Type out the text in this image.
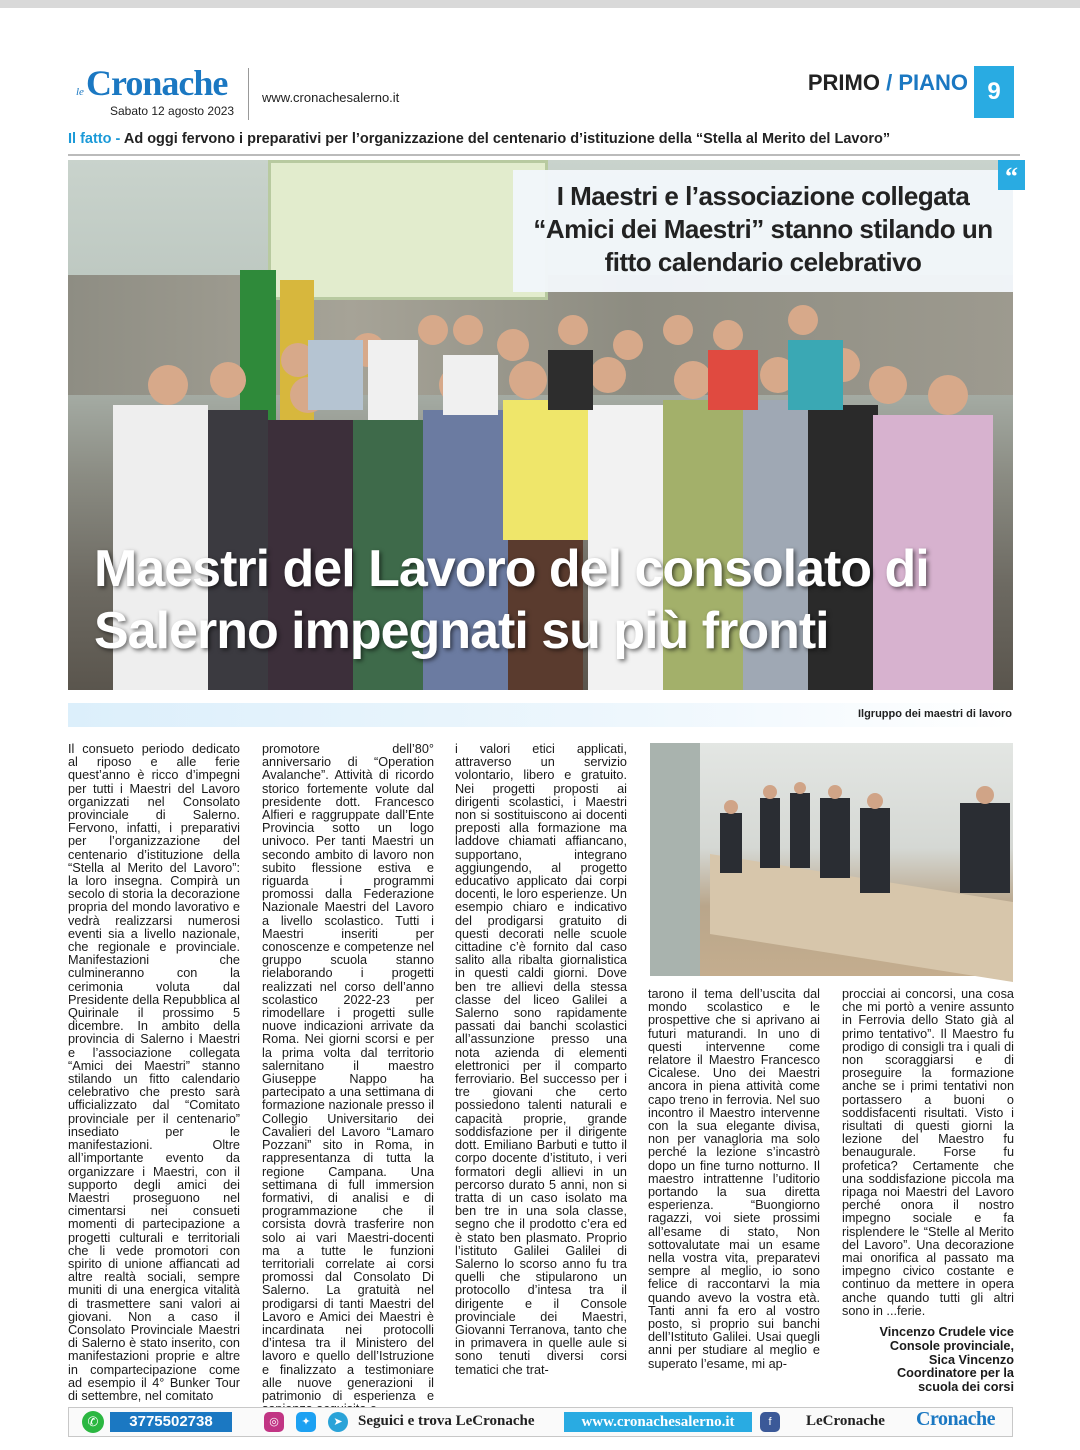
le Cronache
Sabato 12 agosto 2023
www.cronachesalerno.it
PRIMO / PIANO 9
Il fatto - Ad oggi fervono i preparativi per l’organizzazione del centenario d’istituzione della “Stella al Merito del Lavoro”
“
I Maestri e l’associazione collegata “Amici dei Maestri” stanno stilando un fitto calendario celebrativo
Maestri del Lavoro del consolato di Salerno impegnati su più fronti
Ilgruppo dei maestri di lavoro
Il consueto periodo dedicato al riposo e alle ferie quest’anno è ricco d’impegni per tutti i Maestri del Lavoro organizzati nel Consolato provinciale di Salerno. Fervono, infatti, i preparativi per l’organizzazione del centenario d’istituzione della “Stella al Merito del Lavoro”: la loro insegna. Compirà un secolo di storia la decorazione propria del mondo lavorativo e vedrà realizzarsi numerosi eventi sia a livello nazionale, che regionale e provinciale. Manifestazioni che culmineranno con la cerimonia voluta dal Presidente della Repubblica al Quirinale il prossimo 5 dicembre. In ambito della provincia di Salerno i Maestri e l’associazione collegata “Amici dei Maestri” stanno stilando un fitto calendario celebrativo che presto sarà ufficializzato dal “Comitato provinciale per il centenario” insediato per le manifestazioni. Oltre all’importante evento da organizzare i Maestri, con il supporto degli amici dei Maestri proseguono nel cimentarsi nei consueti momenti di partecipazione a progetti culturali e territoriali che li vede promotori con spirito di unione affiancati ad altre realtà sociali, sempre muniti di una energica vitalità di trasmettere sani valori ai giovani. Non a caso il Consolato Provinciale Maestri di Salerno è stato inserito, con manifestazioni proprie e altre in compartecipazione come ad esempio il 4° Bunker Tour di settembre, nel comitato
promotore dell’80° anniversario di “Operation Avalanche”. Attività di ricordo storico fortemente volute dal presidente dott. Francesco Alfieri e raggruppate dall’Ente Provincia sotto un logo univoco. Per tanti Maestri un secondo ambito di lavoro non subito flessione estiva e riguarda i programmi promossi dalla Federazione Nazionale Maestri del Lavoro a livello scolastico. Tutti i Maestri inseriti per conoscenze e competenze nel gruppo scuola stanno rielaborando i progetti realizzati nel corso dell’anno scolastico 2022-23 per rimodellare i progetti sulle nuove indicazioni arrivate da Roma. Nei giorni scorsi e per la prima volta dal territorio salernitano il maestro Giuseppe Nappo ha partecipato a una settimana di formazione nazionale presso il Collegio Universitario dei Cavalieri del Lavoro “Lamaro Pozzani” sito in Roma, in rappresentanza di tutta la regione Campana. Una settimana di full immersion formativi, di analisi e di programmazione che il corsista dovrà trasferire non solo ai vari Maestri-docenti ma a tutte le funzioni territoriali correlate ai corsi promossi dal Consolato Di Salerno. La gratuità nel prodigarsi di tanti Maestri del Lavoro e Amici dei Maestri è incardinata nei protocolli d’intesa tra il Ministero del lavoro e quello dell’Istruzione e finalizzato a testimoniare alle nuove generazioni il patrimonio di esperienza e
i valori etici applicati, attraverso un servizio volontario, libero e gratuito. Nei progetti proposti ai dirigenti scolastici, i Maestri non si sostituiscono ai docenti preposti alla formazione ma laddove chiamati affiancano, supportano, integrano aggiungendo, al progetto educativo applicato dai corpi docenti, le loro esperienze. Un esempio chiaro e indicativo del prodigarsi gratuito di questi decorati nelle scuole cittadine c’è fornito dal caso salito alla ribalta giornalistica in questi caldi giorni. Dove ben tre allievi della stessa classe del liceo Galilei a Salerno sono rapidamente passati dai banchi scolastici all’assunzione presso una nota azienda di elementi elettronici per il comparto ferroviario. Bel successo per i tre giovani che certo possiedono talenti naturali e capacità proprie, grande soddisfazione per il dirigente dott. Emiliano Barbuti e tutto il corpo docente d’istituto, i veri formatori degli allievi in un percorso durato 5 anni, non si tratta di un caso isolato ma ben tre in una sola classe, segno che il prodotto c’era ed è stato ben plasmato. Proprio l’istituto Galilei Galilei di Salerno lo scorso anno fu tra quelli che stipularono un protocollo d’intesa tra il dirigente e il Console provinciale dei Maestri, Giovanni Terranova, tanto che in primavera in quelle aule si sono tenuti diversi corsi tematici che trat-
tarono il tema dell’uscita dal mondo scolastico e le prospettive che si aprivano ai futuri maturandi. In uno di questi intervenne come relatore il Maestro Francesco Cicalese. Uno dei Maestri ancora in piena attività come capo treno in ferrovia. Nel suo incontro il Maestro intervenne con la sua elegante divisa, non per vanagloria ma solo perché la lezione s’incastrò dopo un fine turno notturno. Il maestro intrattenne l’uditorio portando la sua diretta esperienza. “Buongiorno ragazzi, voi siete prossimi all’esame di stato, Non sottovalutate mai un esame nella vostra vita, preparatevi sempre al meglio, io sono felice di raccontarvi la mia quando avevo la vostra età. Tanti anni fa ero al vostro posto, sì proprio sui banchi dell’Istituto Galilei. Usai quegli anni per studiare al meglio e superato l’esame, mi ap-
procciai ai concorsi, una cosa che mi portò a venire assunto in Ferrovia dello Stato già al primo tentativo”. Il Maestro fu prodigo di consigli tra i quali di non scoraggiarsi e di proseguire la formazione anche se i primi tentativi non portassero a buoni o soddisfacenti risultati. Visto i risultati di questi giorni la lezione del Maestro fu benaugurale. Forse fu profetica? Certamente che una soddisfazione piccola ma ripaga noi Maestri del Lavoro perché onora il nostro impegno sociale e fa risplendere le “Stelle al Merito del Lavoro”. Una decorazione mai onorifica al passato ma impegno civico costante e continuo da mettere in opera anche quando tutti gli altri sono in ...ferie.
Vincenzo Crudele vice
Console provinciale,
Sica Vincenzo
Coordinatore per la
scuola dei corsi
✆	3775502738	◎	✦	➤	Seguici e trova LeCronache	www.cronachesalerno.it	f	LeCronache Cronache
